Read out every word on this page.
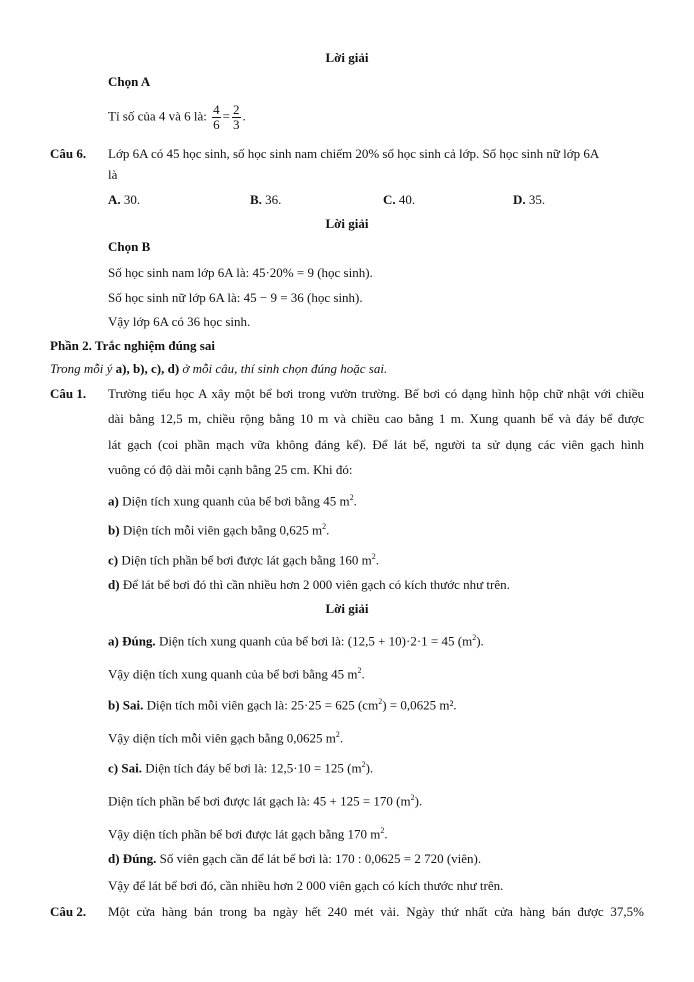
Lời giải
Chọn A
Tỉ số của 4 và 6 là: $\frac{4}{6} = \frac{2}{3}$ .
Câu 6. Lớp 6A có 45 học sinh, số học sinh nam chiếm 20% số học sinh cả lớp. Số học sinh nữ lớp 6A
là
A. 30.	B. 36.	C. 40.	D. 35.
Lời giải
Chọn B
Số học sinh nam lớp 6A là: 45·20% = 9 (học sinh).
Số học sinh nữ lớp 6A là: 45 − 9 = 36 (học sinh).
Vậy lớp 6A có 36 học sinh.
Phần 2. Trắc nghiệm đúng sai
Trong mỗi ý a), b), c), d) ở mỗi câu, thí sinh chọn đúng hoặc sai.
Câu 1. Trường tiểu học A xây một bể bơi trong vườn trường. Bể bơi có dạng hình hộp chữ nhật với chiều
dài bằng 12,5 m, chiều rộng bằng 10 m và chiều cao bằng 1 m. Xung quanh bể và đáy bể được
lát gạch (coi phần mạch vữa không đáng kể). Để lát bể, người ta sử dụng các viên gạch hình
vuông có độ dài mỗi cạnh bằng 25 cm. Khi đó:
a) Diện tích xung quanh của bể bơi bằng 45 $m^2$.
b) Diện tích mỗi viên gạch bằng 0,625 $m^2$.
c) Diện tích phần bể bơi được lát gạch bằng 160 $m^2$.
d) Để lát bể bơi đó thì cần nhiều hơn 2 000 viên gạch có kích thước như trên.
Lời giải
a) Đúng. Diện tích xung quanh của bể bơi là: (12,5 + 10)·2·1 = 45 $(m^2)$.
Vậy diện tích xung quanh của bể bơi bằng 45 $m^2$.
b) Sai. Diện tích mỗi viên gạch là: 25·25 = 625 $(cm^2) = 0,0625$ m².
Vậy diện tích mỗi viên gạch bằng 0,0625 $m^2$.
c) Sai. Diện tích đáy bể bơi là: 12,5·10 = 125 $(m^2)$.
Diện tích phần bể bơi được lát gạch là: 45 + 125 = 170 $(m^2)$.
Vậy diện tích phần bể bơi được lát gạch bằng 170 $m^2$.
d) Đúng. Số viên gạch cần để lát bể bơi là: 170 : 0,0625 = 2 720 (viên).
Vậy để lát bể bơi đó, cần nhiều hơn 2 000 viên gạch có kích thước như trên.
Câu 2. Một cửa hàng bán trong ba ngày hết 240 mét vải. Ngày thứ nhất cửa hàng bán được 37,5%
